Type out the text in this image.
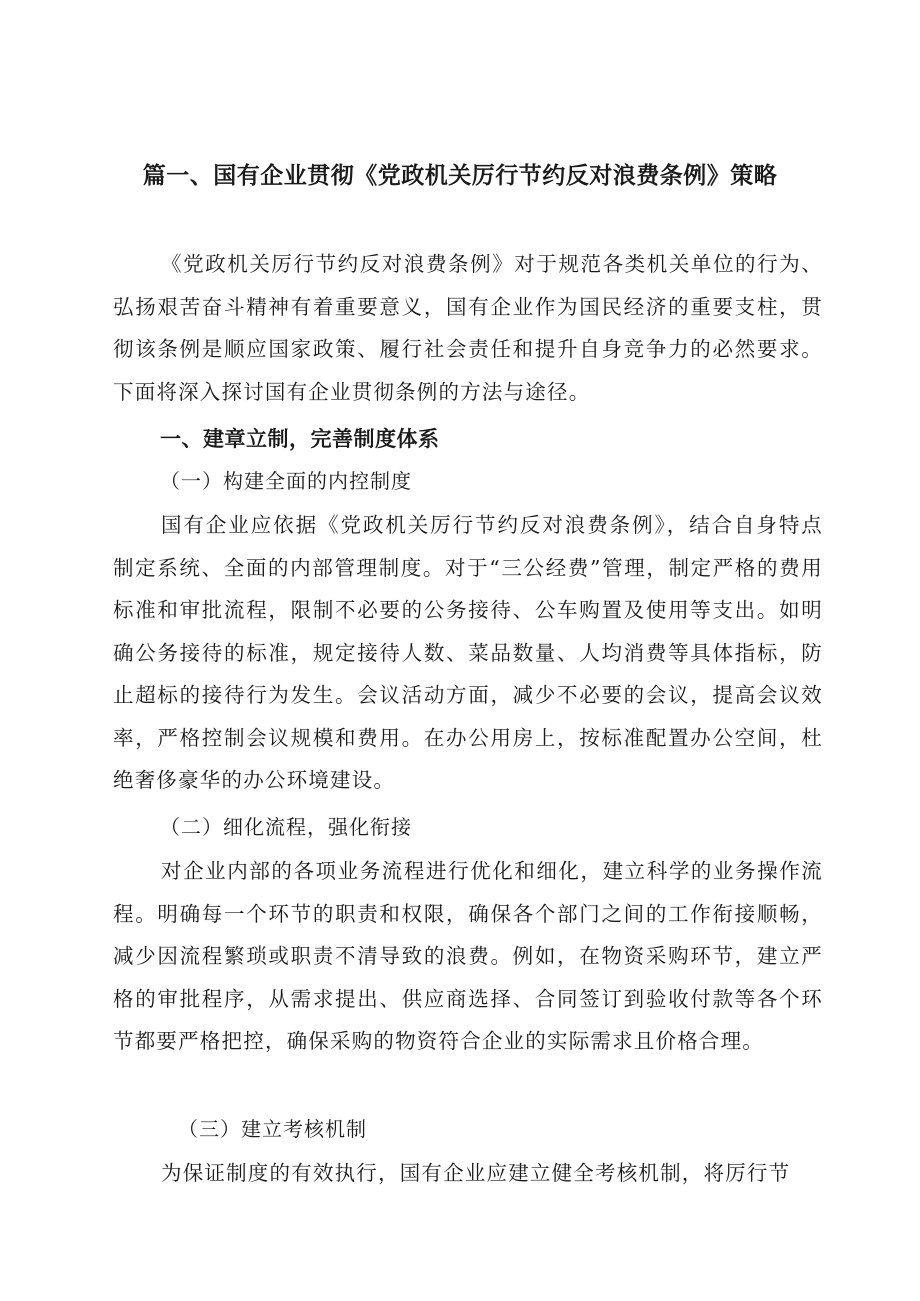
篇一、国有企业贯彻《党政机关厉行节约反对浪费条例》策略

《党政机关厉行节约反对浪费条例》对于规范各类机关单位的行为、弘扬艰苦奋斗精神有着重要意义，国有企业作为国民经济的重要支柱，贯彻该条例是顺应国家政策、履行社会责任和提升自身竞争力的必然要求。下面将深入探讨国有企业贯彻条例的方法与途径。

一、建章立制，完善制度体系
（一）构建全面的内控制度

国有企业应依据《党政机关厉行节约反对浪费条例》，结合自身特点制定系统、全面的内部管理制度。对于“三公经费”管理，制定严格的费用标准和审批流程，限制不必要的公务接待、公车购置及使用等支出。如明确公务接待的标准，规定接待人数、菜品数量、人均消费等具体指标，防止超标的接待行为发生。会议活动方面，减少不必要的会议，提高会议效率，严格控制会议规模和费用。在办公用房上，按标准配置办公空间，杜绝奢侈豪华的办公环境建设。

（二）细化流程，强化衔接

对企业内部的各项业务流程进行优化和细化，建立科学的业务操作流程。明确每一个环节的职责和权限，确保各个部门之间的工作衔接顺畅，减少因流程繁琐或职责不清导致的浪费。例如，在物资采购环节，建立严格的审批程序，从需求提出、供应商选择、合同签订到验收付款等各个环节都要严格把控，确保采购的物资符合企业的实际需求且价格合理。

（三）建立考核机制

为保证制度的有效执行，国有企业应建立健全考核机制，将厉行节
